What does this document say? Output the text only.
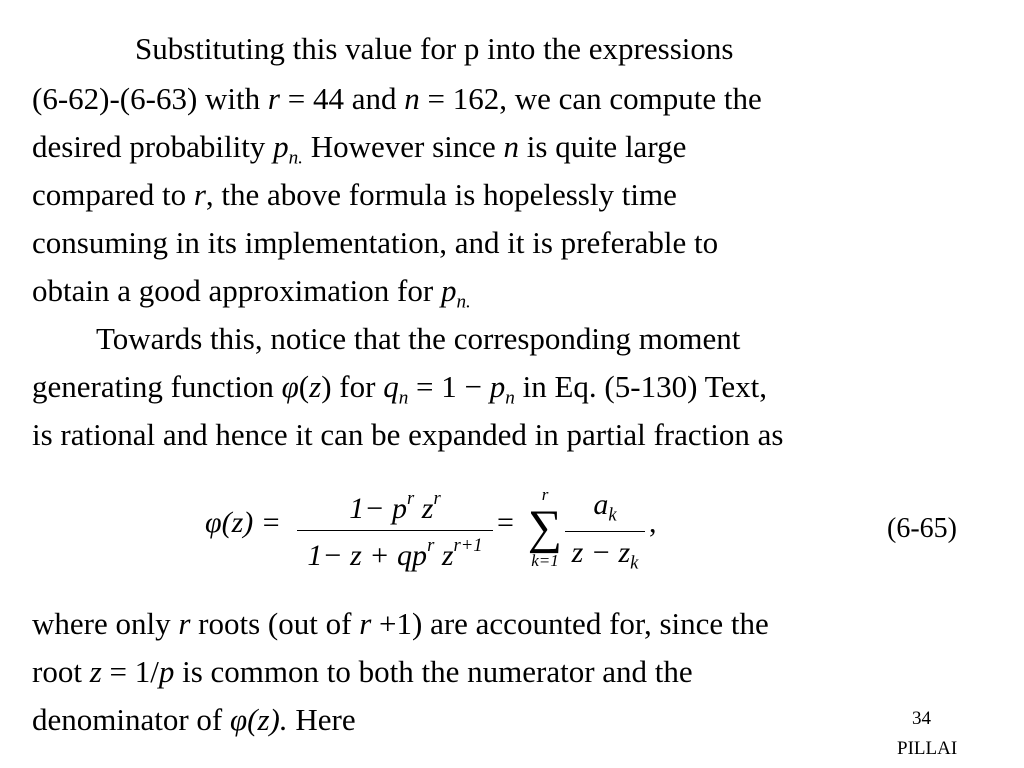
Substituting this value for p into the expressions
(6-62)-(6-63) with r = 44 and n = 162, we can compute the
desired probability $p_{n.}$ However since n is quite large
compared to r, the above formula is hopelessly time
consuming in its implementation, and it is preferable to
obtain a good approximation for $p_{n.}$
Towards this, notice that the corresponding moment
generating function φ(z) for $q_n = 1 - p_n$ in Eq. (5-130) Text,
is rational and hence it can be expanded in partial fraction as
φ(z) =	$1- p^r$ $z^r$
$1- z + qp^r$ $z^{r+1}$
=
r
∑
k=1
$a_k$
$z - z_k$
,	(6-65)
where only r roots (out of r +1) are accounted for, since the
root z = 1/p is common to both the numerator and the
denominator of φ(z). Here	34
PILLAI
